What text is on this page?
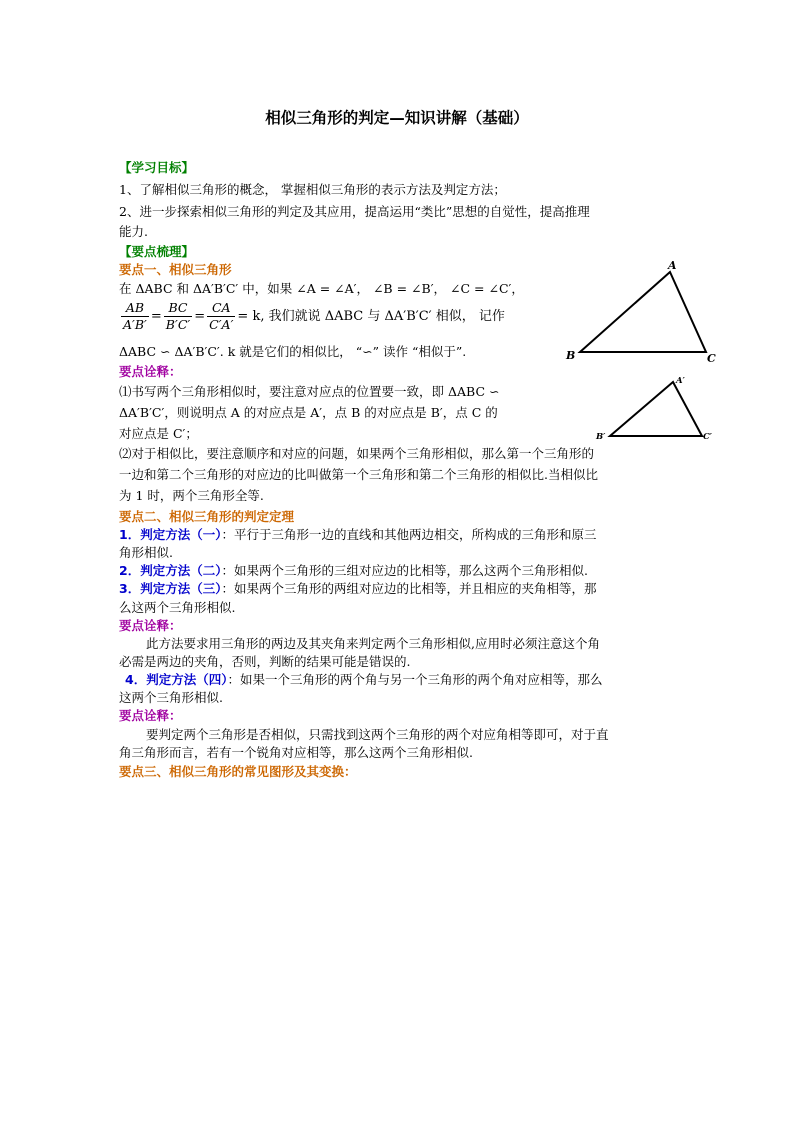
相似三角形的判定—知识讲解（基础）
【学习目标】
1、了解相似三角形的概念， 掌握相似三角形的表示方法及判定方法；
2、进一步探索相似三角形的判定及其应用，提高运用“类比”思想的自觉性，提高推理
能力.
【要点梳理】
要点一、相似三角形
在 ΔABC 和 ΔA′B′C′ 中，如果 ∠A = ∠A′， ∠B = ∠B′， ∠C = ∠C′，
$\frac{AB}{A'B'} = \frac{BC}{B'C'} = \frac{CA}{C'A'} = k$, 我们就说 ΔABC 与 ΔA′B′C′ 相似， 记作
ΔABC ∽ ΔA′B′C′. k 就是它们的相似比， “∽” 读作 “相似于”.
要点诠释：
⑴书写两个三角形相似时，要注意对应点的位置要一致，即 ΔABC ∽
ΔA′B′C′，则说明点 A 的对应点是 A′，点 B 的对应点是 B′，点 C 的
对应点是 C′；
⑵对于相似比，要注意顺序和对应的问题，如果两个三角形相似，那么第一个三角形的
一边和第二个三角形的对应边的比叫做第一个三角形和第二个三角形的相似比.当相似比
为 1 时，两个三角形全等.
要点二、相似三角形的判定定理
1．判定方法（一）：平行于三角形一边的直线和其他两边相交，所构成的三角形和原三
角形相似.
2．判定方法（二）：如果两个三角形的三组对应边的比相等，那么这两个三角形相似.
3．判定方法（三）：如果两个三角形的两组对应边的比相等，并且相应的夹角相等，那
么这两个三角形相似.
要点诠释：
此方法要求用三角形的两边及其夹角来判定两个三角形相似,应用时必须注意这个角
必需是两边的夹角，否则，判断的结果可能是错误的.
4．判定方法（四）：如果一个三角形的两个角与另一个三角形的两个角对应相等，那么
这两个三角形相似.
要点诠释：
要判定两个三角形是否相似，只需找到这两个三角形的两个对应角相等即可，对于直
角三角形而言，若有一个锐角对应相等，那么这两个三角形相似.
要点三、相似三角形的常见图形及其变换：
A
B	C
A′
B′	C′
